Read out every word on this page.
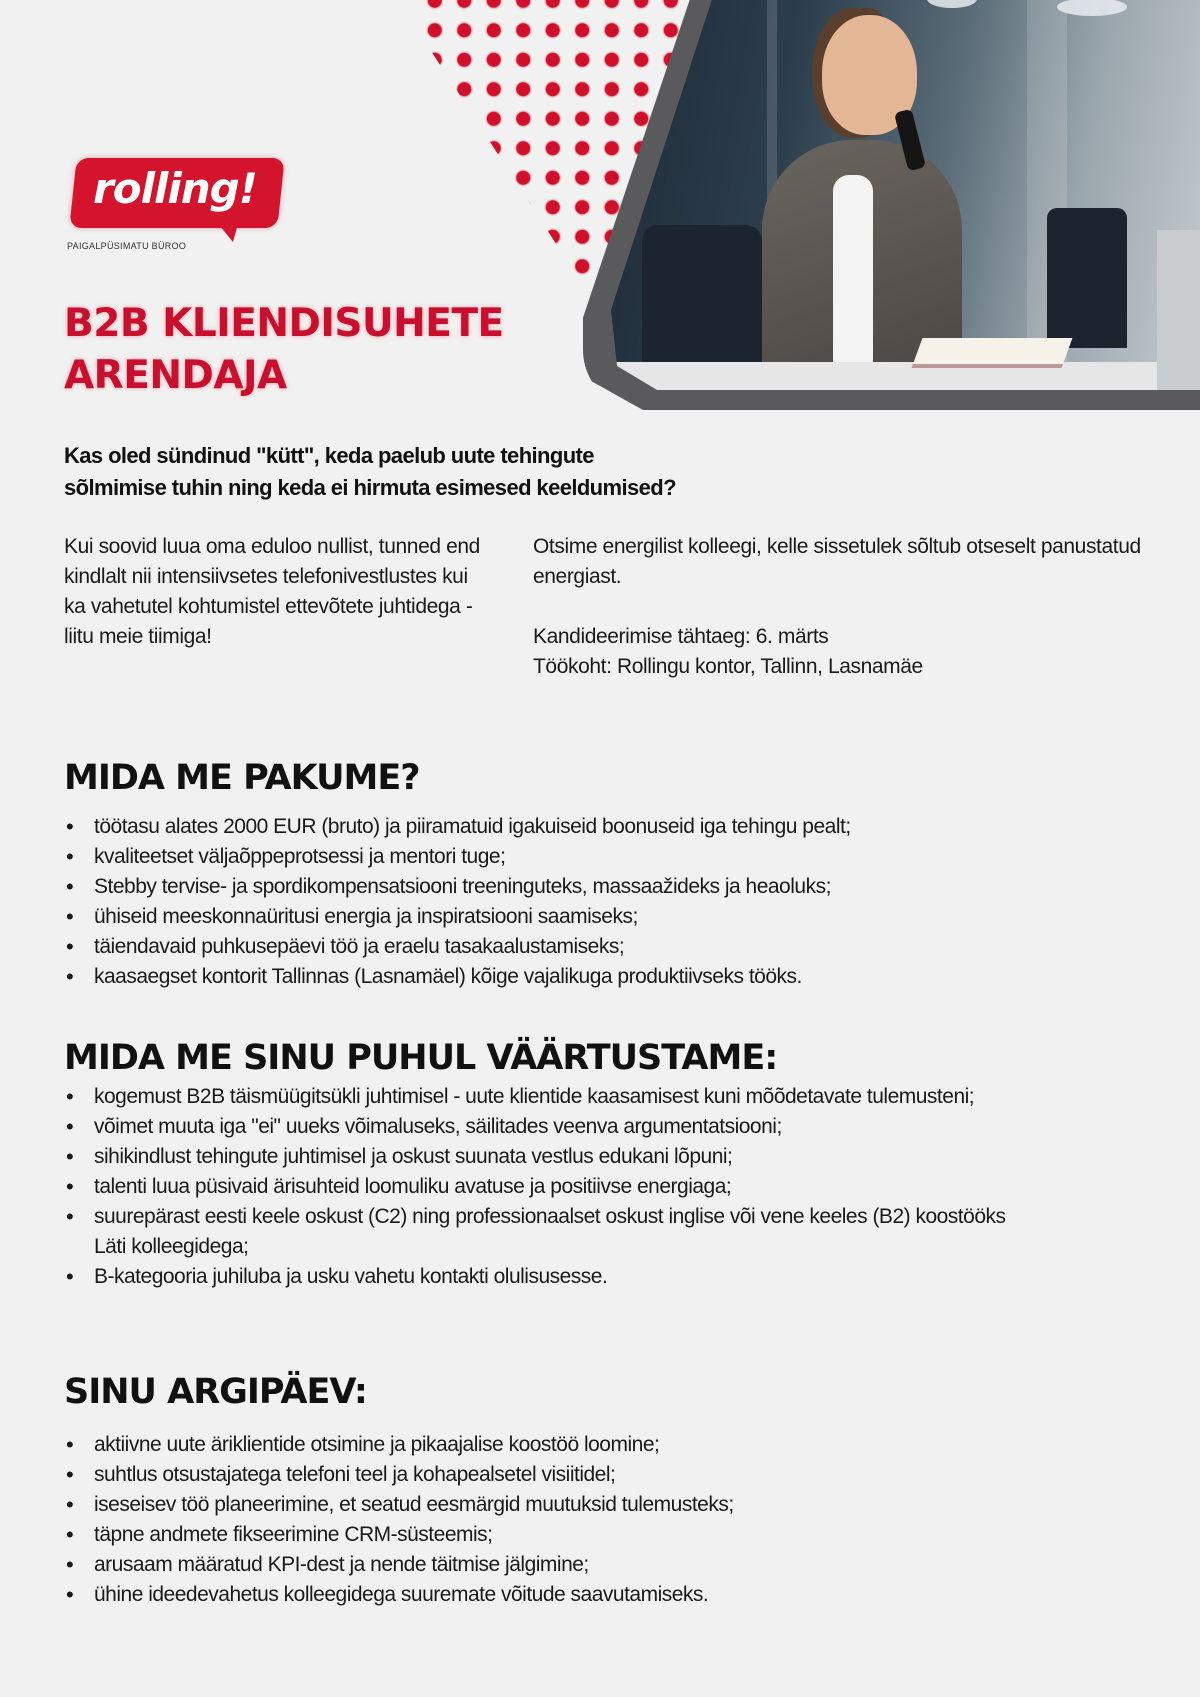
rolling!
PAIGALPÜSIMATU BÜROO
B2B KLIENDISUHETE
ARENDAJA
Kas oled sündinud "kütt", keda paelub uute tehingute
sõlmimise tuhin ning keda ei hirmuta esimesed keeldumised?
Kui soovid luua oma eduloo nullist, tunned end kindlalt nii intensiivsetes telefonivestlustes kui ka vahetutel kohtumistel ettevõtete juhtidega - liitu meie tiimiga!
Otsime energilist kolleegi, kelle sissetulek sõltub otseselt panustatud energiast.
Kandideerimise tähtaeg: 6. märts
Töökoht: Rollingu kontor, Tallinn, Lasnamäe
MIDA ME PAKUME?
• töötasu alates 2000 EUR (bruto) ja piiramatuid igakuiseid boonuseid iga tehingu pealt;
• kvaliteetset väljaõppeprotsessi ja mentori tuge;
• Stebby tervise- ja spordikompensatsiooni treeninguteks, massaažideks ja heaoluks;
• ühiseid meeskonnaüritusi energia ja inspiratsiooni saamiseks;
• täiendavaid puhkusepäevi töö ja eraelu tasakaalustamiseks;
• kaasaegset kontorit Tallinnas (Lasnamäel) kõige vajalikuga produktiivseks tööks.
MIDA ME SINU PUHUL VÄÄRTUSTAME:
• kogemust B2B täismüügitsükli juhtimisel - uute klientide kaasamisest kuni mõõdetavate tulemusteni;
• võimet muuta iga "ei" uueks võimaluseks, säilitades veenva argumentatsiooni;
• sihikindlust tehingute juhtimisel ja oskust suunata vestlus edukani lõpuni;
• talenti luua püsivaid ärisuhteid loomuliku avatuse ja positiivse energiaga;
• suurepärast eesti keele oskust (C2) ning professionaalset oskust inglise või vene keeles (B2) koostööks Läti kolleegidega;
• B-kategooria juhiluba ja usku vahetu kontakti olulisusesse.
SINU ARGIPÄEV:
• aktiivne uute äriklientide otsimine ja pikaajalise koostöö loomine;
• suhtlus otsustajatega telefoni teel ja kohapealsetel visiitidel;
• iseseisev töö planeerimine, et seatud eesmärgid muutuksid tulemusteks;
• täpne andmete fikseerimine CRM-süsteemis;
• arusaam määratud KPI-dest ja nende täitmise jälgimine;
• ühine ideedevahetus kolleegidega suuremate võitude saavutamiseks.
